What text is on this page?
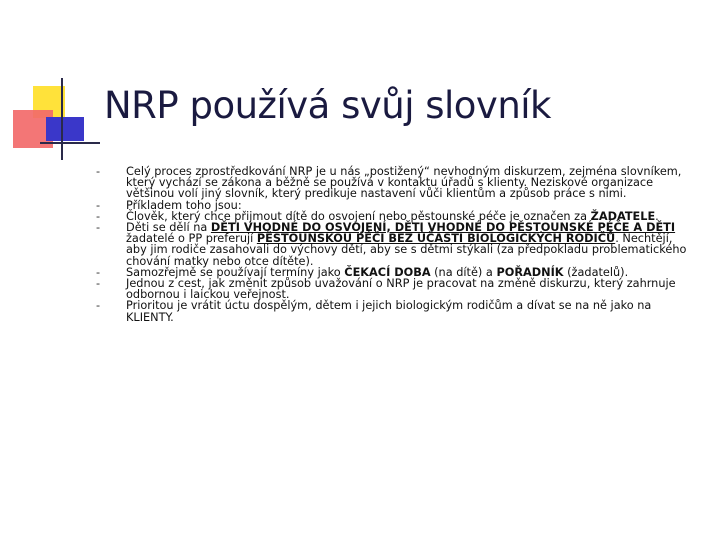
NRP používá svůj slovník
-	Celý proces zprostředkování NRP je u nás „postižený“ nevhodným diskurzem, zejména slovníkem, který vychází se zákona a běžně se používá v kontaktu úřadů s klienty. Neziskové organizace většinou volí jiný slovník, který predikuje nastavení vůči klientům a způsob práce s nimi.
-	Příkladem toho jsou:
-	Člověk, který chce přijmout dítě do osvojení nebo pěstounské péče je označen za ŽADATELE.
-	Děti se dělí na DĚTI VHODNÉ DO OSVOJENÍ, DĚTI VHODNÉ DO PĚSTOUNSKÉ PÉČE A DĚTI žadatelé o PP preferují PĚSTOUNSKOU PÉČI BEZ ÚČASTI BIOLOGICKÝCH RODIČŮ. Nechtějí, aby jim rodiče zasahovali do výchovy dětí, aby se s dětmi stýkali (za předpokladu problematického chování matky nebo otce dítěte).
-	Samozřejmě se používají termíny jako ČEKACÍ DOBA (na dítě) a POŘADNÍK (žadatelů).
-	Jednou z cest, jak změnit způsob uvažování o NRP je pracovat na změně diskurzu, který zahrnuje odbornou i laickou veřejnost.
-	Prioritou je vrátit úctu dospělým, dětem i jejich biologickým rodičům a dívat se na ně jako na KLIENTY.
